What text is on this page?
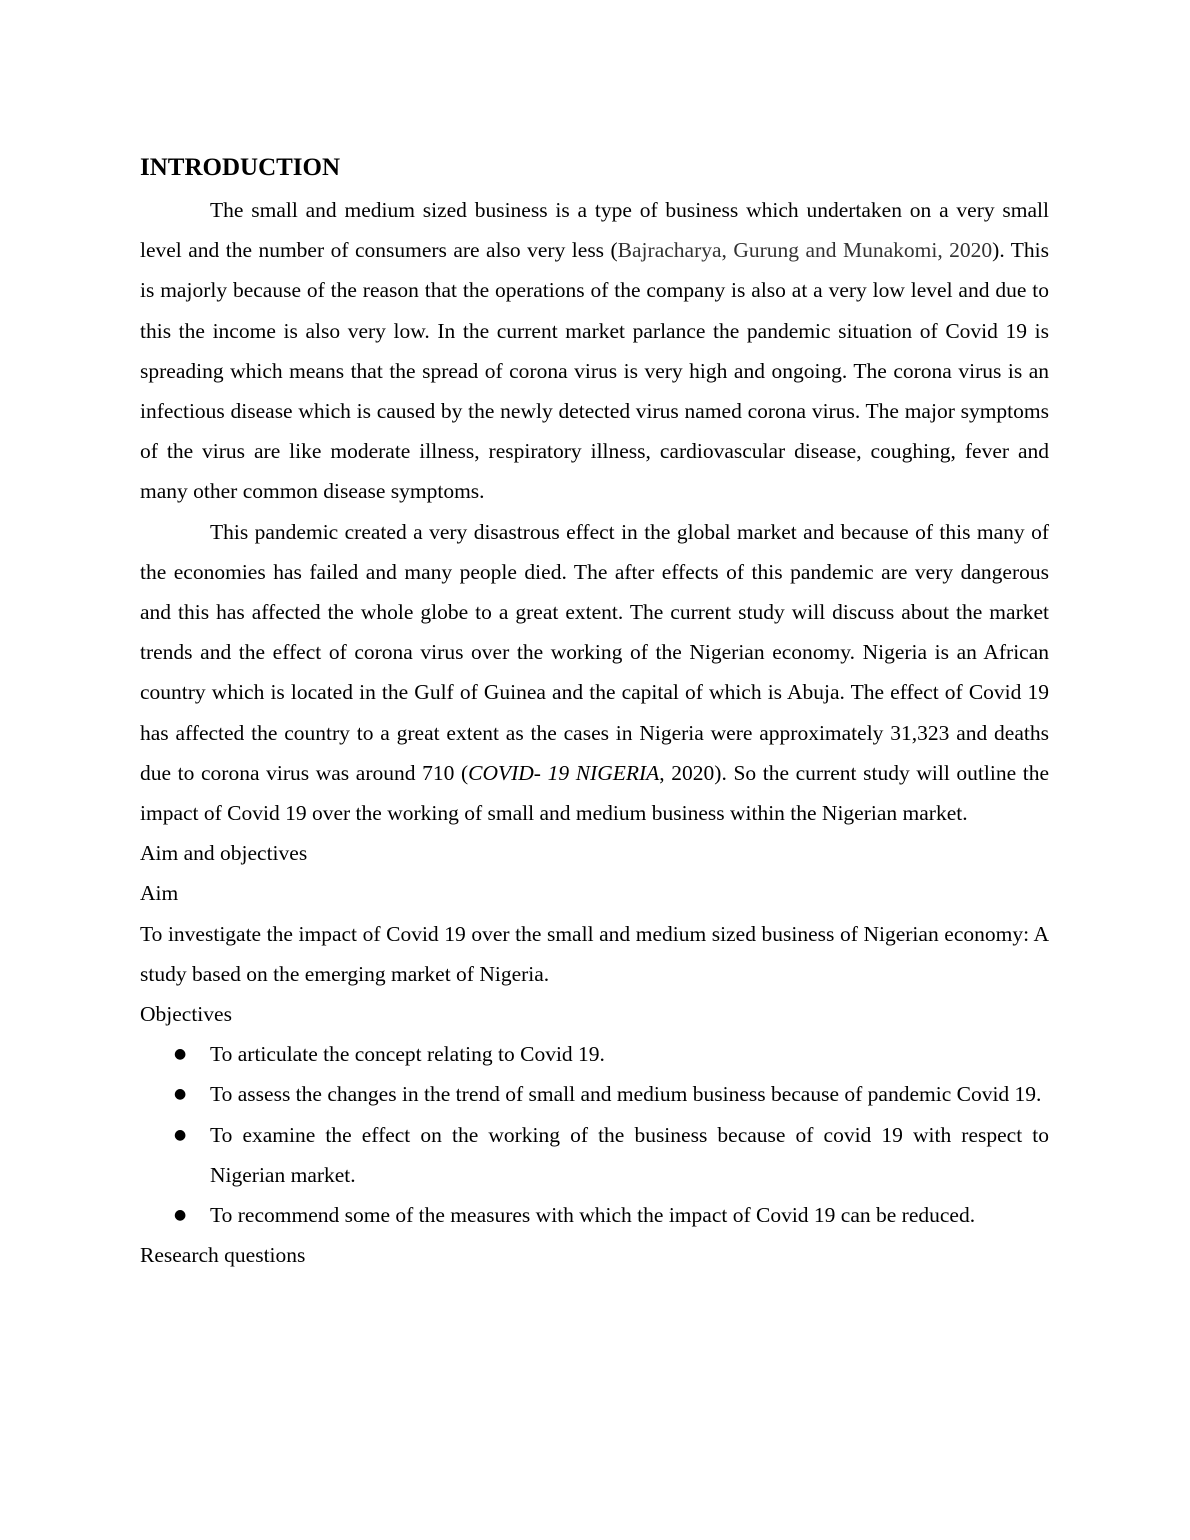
INTRODUCTION

The small and medium sized business is a type of business which undertaken on a very small level and the number of consumers are also very less (Bajracharya, Gurung and Munakomi, 2020). This is majorly because of the reason that the operations of the company is also at a very low level and due to this the income is also very low. In the current market parlance the pandemic situation of Covid 19 is spreading which means that the spread of corona virus is very high and ongoing. The corona virus is an infectious disease which is caused by the newly detected virus named corona virus. The major symptoms of the virus are like moderate illness, respiratory illness, cardiovascular disease, coughing, fever and many other common disease symptoms.

This pandemic created a very disastrous effect in the global market and because of this many of the economies has failed and many people died. The after effects of this pandemic are very dangerous and this has affected the whole globe to a great extent. The current study will discuss about the market trends and the effect of corona virus over the working of the Nigerian economy. Nigeria is an African country which is located in the Gulf of Guinea and the capital of which is Abuja. The effect of Covid 19 has affected the country to a great extent as the cases in Nigeria were approximately 31,323 and deaths due to corona virus was around 710 (COVID- 19 NIGERIA, 2020). So the current study will outline the impact of Covid 19 over the working of small and medium business within the Nigerian market.

Aim and objectives
Aim

To investigate the impact of Covid 19 over the small and medium sized business of Nigerian economy: A study based on the emerging market of Nigeria.

Objectives
● To articulate the concept relating to Covid 19.
● To assess the changes in the trend of small and medium business because of pandemic Covid 19.
● To examine the effect on the working of the business because of covid 19 with respect to Nigerian market.
● To recommend some of the measures with which the impact of Covid 19 can be reduced.
Research questions
